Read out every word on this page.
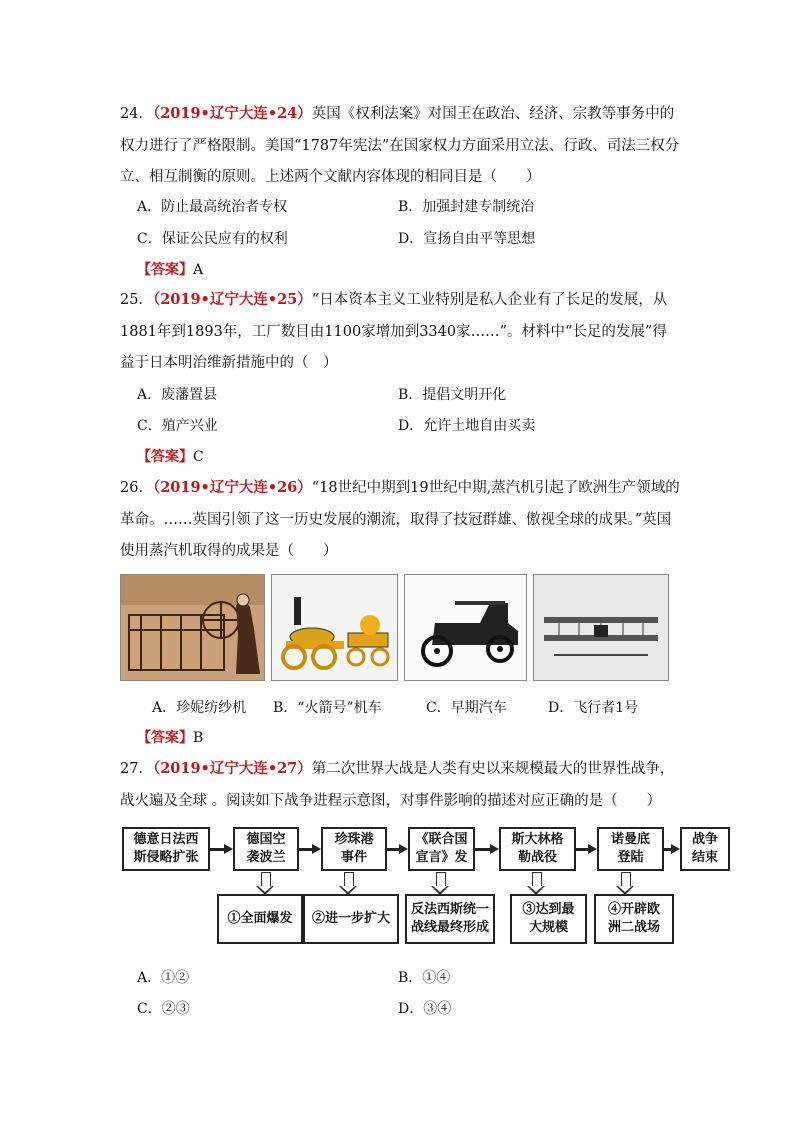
24．（2019•辽宁大连•24）英国《权利法案》对国王在政治、经济、宗教等事务中的权力进行了严格限制。美国“1787年宪法”在国家权力方面采用立法、行政、司法三权分立、相互制衡的原则。上述两个文献内容体现的相同目是（　　）
A．防止最高统治者专权	B．加强封建专制统治
C．保证公民应有的权利	D．宣扬自由平等思想
【答案】A
25．（2019•辽宁大连•25）“日本资本主义工业特别是私人企业有了长足的发展，从1881年到1893年，工厂数目由1100家增加到3340家……”。材料中“长足的发展”得益于日本明治维新措施中的（　）
A．废藩置县	B．提倡文明开化
C．殖产兴业	D．允许土地自由买卖
【答案】C
26．（2019•辽宁大连•26）“18世纪中期到19世纪中期,蒸汽机引起了欧洲生产领域的革命。……英国引领了这一历史发展的潮流，取得了技冠群雄、傲视全球的成果。”英国使用蒸汽机取得的成果是（　　）
A．珍妮纺纱机 B．“火箭号”机车	C．早期汽车	D．飞行者1号
【答案】B
27．（2019•辽宁大连•27）第二次世界大战是人类有史以来规模最大的世界性战争，战火遍及全球 。阅读如下战争进程示意图，对事件影响的描述对应正确的是（　　）
德意日法西
斯侵略扩张
德国空
袭波兰
珍珠港
事件
《联合国
宣言》发
斯大林格
勒战役
诺曼底
登陆
战争
结束
①全面爆发 ②进一步扩大
反法西斯统一
战线最终形成
③达到最
大规模
④开辟欧
洲二战场
A．①②	B．①④
C．②③	D．③④
